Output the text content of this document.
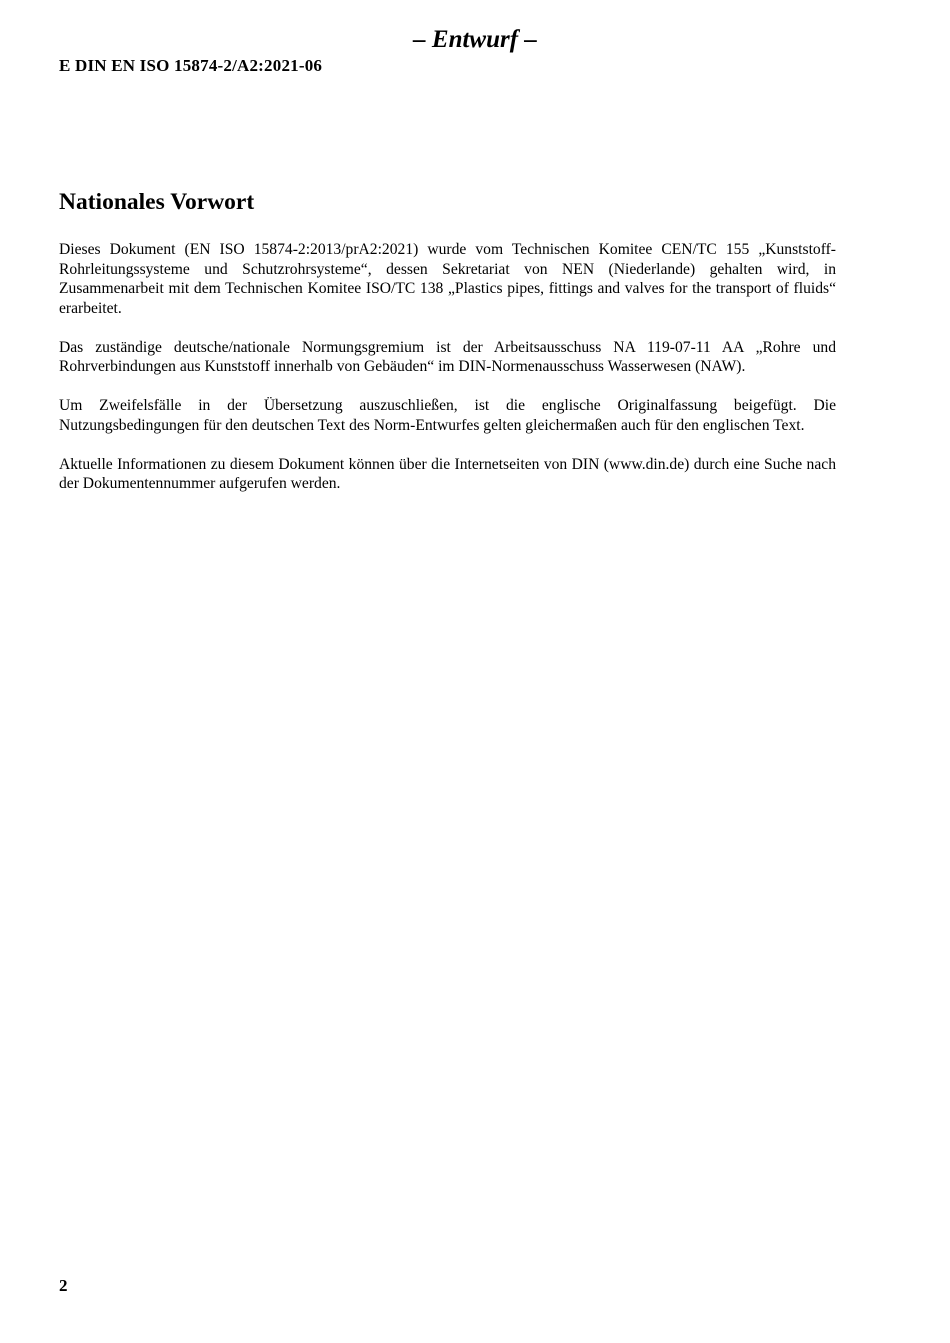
– Entwurf –
E DIN EN ISO 15874-2/A2:2021-06
Nationales Vorwort

Dieses Dokument (EN ISO 15874-2:2013/prA2:2021) wurde vom Technischen Komitee CEN/TC 155 „Kunststoff-Rohrleitungssysteme und Schutzrohrsysteme“, dessen Sekretariat von NEN (Niederlande) gehalten wird, in Zusammenarbeit mit dem Technischen Komitee ISO/TC 138 „Plastics pipes, fittings and valves for the transport of fluids“ erarbeitet.

Das zuständige deutsche/nationale Normungsgremium ist der Arbeitsausschuss NA 119-07-11 AA „Rohre und Rohrverbindungen aus Kunststoff innerhalb von Gebäuden“ im DIN-Normenausschuss Wasserwesen (NAW).

Um Zweifelsfälle in der Übersetzung auszuschließen, ist die englische Originalfassung beigefügt. Die Nutzungsbedingungen für den deutschen Text des Norm-Entwurfes gelten gleichermaßen auch für den englischen Text.

Aktuelle Informationen zu diesem Dokument können über die Internetseiten von DIN (www.din.de) durch eine Suche nach der Dokumentennummer aufgerufen werden.

2
